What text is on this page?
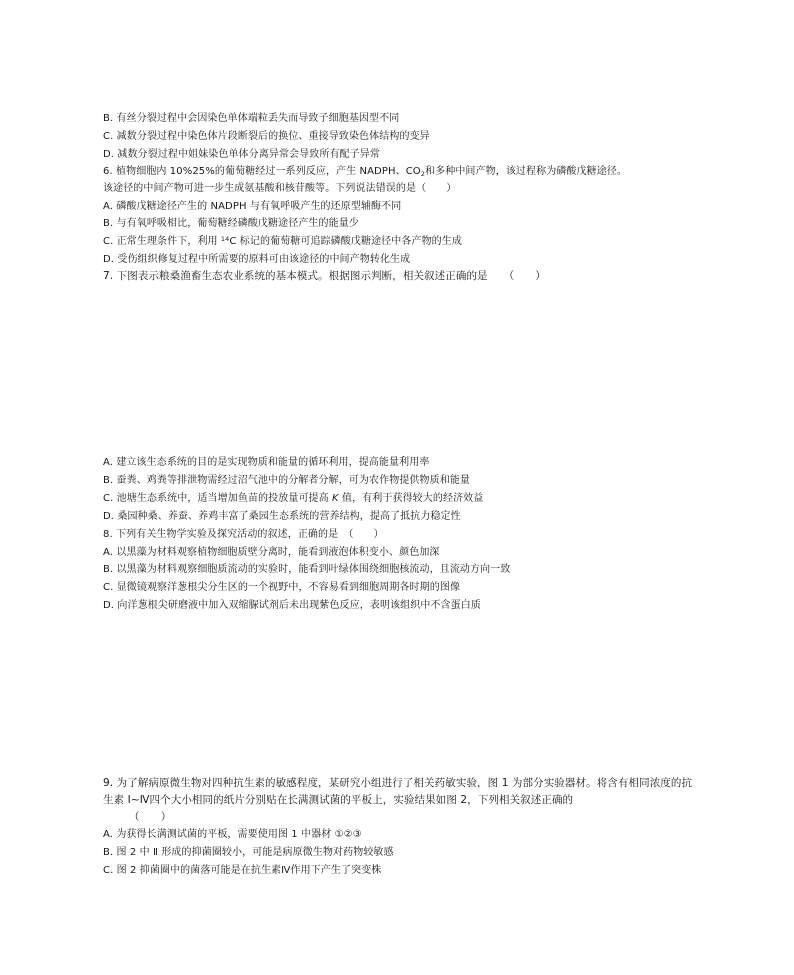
B. 有丝分裂过程中会因染色单体端粒丢失而导致子细胞基因型不同
C. 减数分裂过程中染色体片段断裂后的换位、重接导致染色体结构的变异
D. 减数分裂过程中姐妹染色单体分离异常会导致所有配子异常
6. 植物细胞内 10%25%的葡萄糖经过一系列反应，产生 NADPH、$CO_2$和多种中间产物，该过程称为磷酸戊糖途径。
该途径的中间产物可进一步生成氨基酸和核苷酸等。下列说法错误的是（　　）
A. 磷酸戊糖途径产生的 NADPH 与有氧呼吸产生的还原型辅酶不同
B. 与有氧呼吸相比，葡萄糖经磷酸戊糖途径产生的能量少
C. 正常生理条件下，利用 $^{14}$C 标记的葡萄糖可追踪磷酸戊糖途径中各产物的生成
D. 受伤组织修复过程中所需要的原料可由该途径的中间产物转化生成
7. 下图表示粮桑渔畜生态农业系统的基本模式。根据图示判断，相关叙述正确的是　　（　　）
A. 建立该生态系统的目的是实现物质和能量的循环利用，提高能量利用率
B. 蚕粪、鸡粪等排泄物需经过沼气池中的分解者分解，可为农作物提供物质和能量
C. 池塘生态系统中，适当增加鱼苗的投放量可提高 K 值，有利于获得较大的经济效益
D. 桑园种桑、养蚕、养鸡丰富了桑园生态系统的营养结构，提高了抵抗力稳定性
8. 下列有关生物学实验及探究活动的叙述，正确的是　（　　）
A. 以黑藻为材料观察植物细胞质壁分离时，能看到液泡体积变小、颜色加深
B. 以黑藻为材料观察细胞质流动的实验时，能看到叶绿体围绕细胞核流动，且流动方向一致
C. 显微镜观察洋葱根尖分生区的一个视野中，不容易看到细胞周期各时期的图像
D. 向洋葱根尖研磨液中加入双缩脲试剂后未出现紫色反应，表明该组织中不含蛋白质
9. 为了解病原微生物对四种抗生素的敏感程度，某研究小组进行了相关药敏实验，图 1 为部分实验器材。将含有相同浓度的抗生素 Ⅰ~Ⅳ四个大小相同的纸片分别贴在长满测试菌的平板上，实验结果如图 2，下列相关叙述正确的
（　　）
A. 为获得长满测试菌的平板，需要使用图 1 中器材 ①②③
B. 图 2 中 Ⅱ 形成的抑菌圈较小，可能是病原微生物对药物较敏感
C. 图 2 抑菌圈中的菌落可能是在抗生素Ⅳ作用下产生了突变株
